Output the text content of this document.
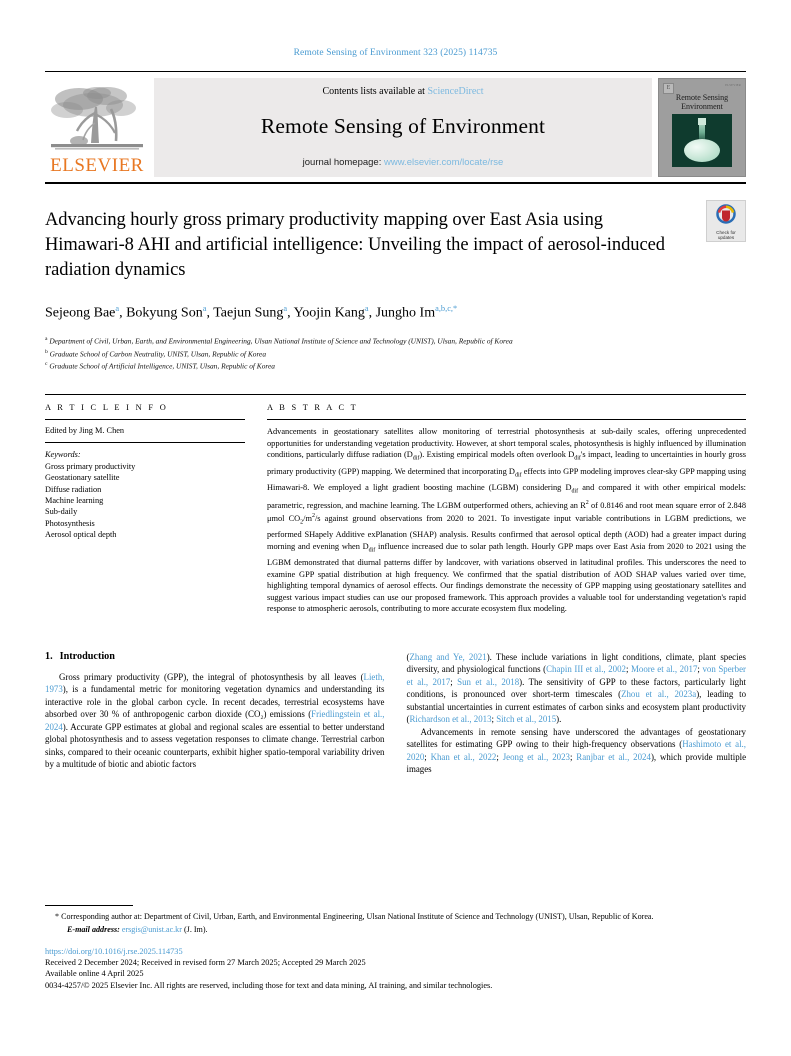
Remote Sensing of Environment 323 (2025) 114735
ELSEVIER
Contents lists available at ScienceDirect
Remote Sensing of Environment
journal homepage: www.elsevier.com/locate/rse
E	ELSEVIER
Remote Sensing
Environment
Check for
updates
Advancing hourly gross primary productivity mapping over East Asia using Himawari-8 AHI and artificial intelligence: Unveiling the impact of aerosol-induced radiation dynamics
Sejeong Bae$^a$, Bokyung Son$^a$, Taejun Sung$^a$, Yoojin Kang$^a$, Jungho $Im^{a,b,c,*}$
$^a$ Department of Civil, Urban, Earth, and Environmental Engineering, Ulsan National Institute of Science and Technology (UNIST), Ulsan, Republic of Korea
$^b$ Graduate School of Carbon Neutrality, UNIST, Ulsan, Republic of Korea
$^c$ Graduate School of Artificial Intelligence, UNIST, Ulsan, Republic of Korea
A R T I C L E I N F O
Edited by Jing M. Chen
Keywords:
Gross primary productivity
Geostationary satellite
Diffuse radiation
Machine learning
Sub-daily
Photosynthesis
Aerosol optical depth
A B S T R A C T
Advancements in geostationary satellites allow monitoring of terrestrial photosynthesis at sub-daily scales, offering unprecedented opportunities for understanding vegetation productivity. However, at short temporal scales, photosynthesis is highly influenced by illumination conditions, particularly diffuse radiation $(D_{dif})$. Existing empirical models often overlook $D_{dif}'s$ impact, leading to uncertainties in hourly gross primary productivity (GPP) mapping. We determined that incorporating $D_{dif}$ effects into GPP modeling improves clear-sky GPP mapping using Himawari-8. We employed a light gradient boosting machine (LGBM) considering $D_{dif}$ and compared it with other empirical models: parametric, regression, and machine learning. The LGBM outperformed others, achieving an $R^2$ of 0.8146 and root mean square error of 2.848 μmol $CO_2/m^2/s$ against ground observations from 2020 to 2021. To investigate input variable contributions in LGBM predictions, we performed SHapely Additive exPlanation (SHAP) analysis. Results confirmed that aerosol optical depth (AOD) had a greater impact during morning and evening when $D_{dif}$ influence increased due to solar path length. Hourly GPP maps over East Asia from 2020 to 2021 using the LGBM demonstrated that diurnal patterns differ by landcover, with variations observed in latitudinal profiles. This underscores the need to examine GPP spatial distribution at high frequency. We confirmed that the spatial distribution of AOD SHAP values varied over time, highlighting temporal dynamics of aerosol effects. Our findings demonstrate the necessity of GPP mapping using geostationary satellites and suggest various impact studies can use our proposed framework. This approach provides a valuable tool for understanding vegetation's rapid response to atmospheric aerosols, contributing to more accurate ecosystem flux modeling.
1. Introduction

Gross primary productivity (GPP), the integral of photosynthesis by all leaves (Lieth, 1973), is a fundamental metric for monitoring vegetation dynamics and understanding its interactive role in the global carbon cycle. In recent decades, terrestrial ecosystems have absorbed over 30 % of anthropogenic carbon dioxide (CO₂) emissions (Friedlingstein et al., 2024). Accurate GPP estimates at global and regional scales are essential to better understand global photosynthesis and to assess vegetation responses to climate change. Terrestrial carbon sinks, compared to their oceanic counterparts, exhibit higher spatio-temporal variability driven by a multitude of biotic and abiotic factors

(Zhang and Ye, 2021). These include variations in light conditions, climate, plant species diversity, and physiological functions (Chapin III et al., 2002; Moore et al., 2017; von Sperber et al., 2017; Sun et al., 2018). The sensitivity of GPP to these factors, particularly light conditions, is pronounced over short-term timescales (Zhou et al., 2023a), leading to substantial uncertainties in current estimates of carbon sinks and ecosystem plant productivity (Richardson et al., 2013; Sitch et al., 2015).

Advancements in remote sensing have underscored the advantages of geostationary satellites for estimating GPP owing to their high-frequency observations (Hashimoto et al., 2020; Khan et al., 2022; Jeong et al., 2023; Ranjbar et al., 2024), which provide multiple images

* Corresponding author at: Department of Civil, Urban, Earth, and Environmental Engineering, Ulsan National Institute of Science and Technology (UNIST), Ulsan, Republic of Korea.
E-mail address: ersgis@unist.ac.kr (J. Im).
https://doi.org/10.1016/j.rse.2025.114735
Received 2 December 2024; Received in revised form 27 March 2025; Accepted 29 March 2025
Available online 4 April 2025
0034-4257/© 2025 Elsevier Inc. All rights are reserved, including those for text and data mining, AI training, and similar technologies.
